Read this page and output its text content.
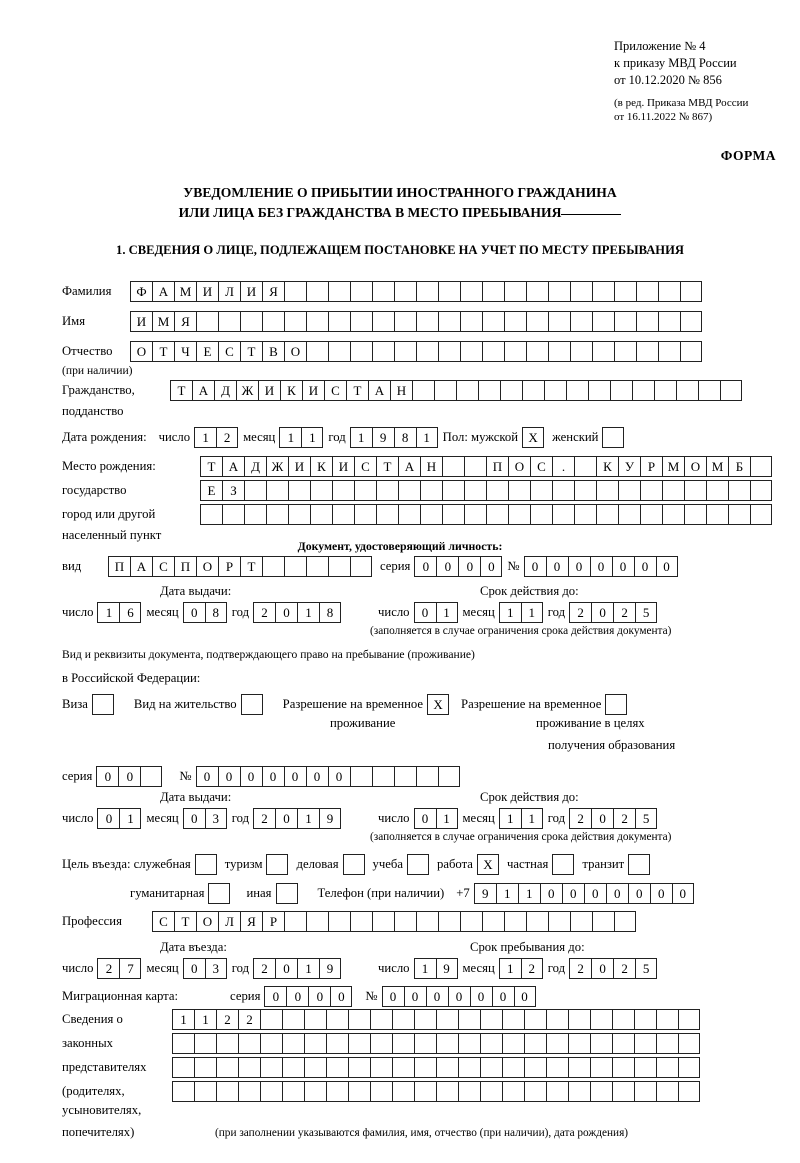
Приложение № 4
к приказу МВД России
от 10.12.2020 № 856
(в ред. Приказа МВД России
от 16.11.2022 № 867)
ФОРМА
УВЕДОМЛЕНИЕ О ПРИБЫТИИ ИНОСТРАННОГО ГРАЖДАНИНА
ИЛИ ЛИЦА БЕЗ ГРАЖДАНСТВА В МЕСТО ПРЕБЫВАНИЯ
1. СВЕДЕНИЯ О ЛИЦЕ, ПОДЛЕЖАЩЕМ ПОСТАНОВКЕ НА УЧЕТ ПО МЕСТУ ПРЕБЫВАНИЯ
Фамилия	Ф А М И Л И Я
Имя	И М Я
Отчество	О	Т	Ч	Е	С	Т	В О
(при наличии)
Гражданство,	Т	А Д Ж И К И С	Т	А Н
подданство
Дата рождения: число 1	2	месяц 1	1	год 1	9	8	1	Пол: мужской X	женский
Место рождения:	Т	А Д Ж И К И С	Т	А Н	П О С	.	К	У	Р М О М Б
государство	Е	З
город или другой
населенный пункт
Документ, удостоверяющий личность:
вид	П А С П О	Р	Т	серия 0	0	0	0	№ 0	0	0	0	0	0	0
Дата выдачи:	Срок действия до:
число 1	6	месяц 0	8	год 2	0	1	8	число 0	1	месяц 1	1	год 2	0	2	5
(заполняется в случае ограничения срока действия документа)
Вид и реквизиты документа, подтверждающего право на пребывание (проживание)
в Российской Федерации:
Виза	Вид на жительство	Разрешение на временное X	Разрешение на временное
проживание	проживание в целях
получения образования
серия 0	0	№ 0	0	0	0	0	0	0
Дата выдачи:	Срок действия до:
число 0	1	месяц 0	3	год 2	0	1	9	число 0	1	месяц 1	1	год 2	0	2	5
(заполняется в случае ограничения срока действия документа)
Цель въезда: служебная	туризм	деловая	учеба	работа X	частная	транзит
гуманитарная	иная	Телефон (при наличии) +7 9	1	1	0	0	0	0	0	0	0
Профессия	С	Т	О Л	Я	Р
Дата въезда:	Срок пребывания до:
число 2	7	месяц 0	3	год 2	0	1	9	число 1	9	месяц 1	2	год 2	0	2	5
Миграционная карта:	серия 0	0	0	0	№ 0	0	0	0	0	0	0
Сведения о	1	1	2	2
законных
представителях
(родителях,
усыновителях,
попечителях)	(при заполнении указываются фамилия, имя, отчество (при наличии), дата рождения)
